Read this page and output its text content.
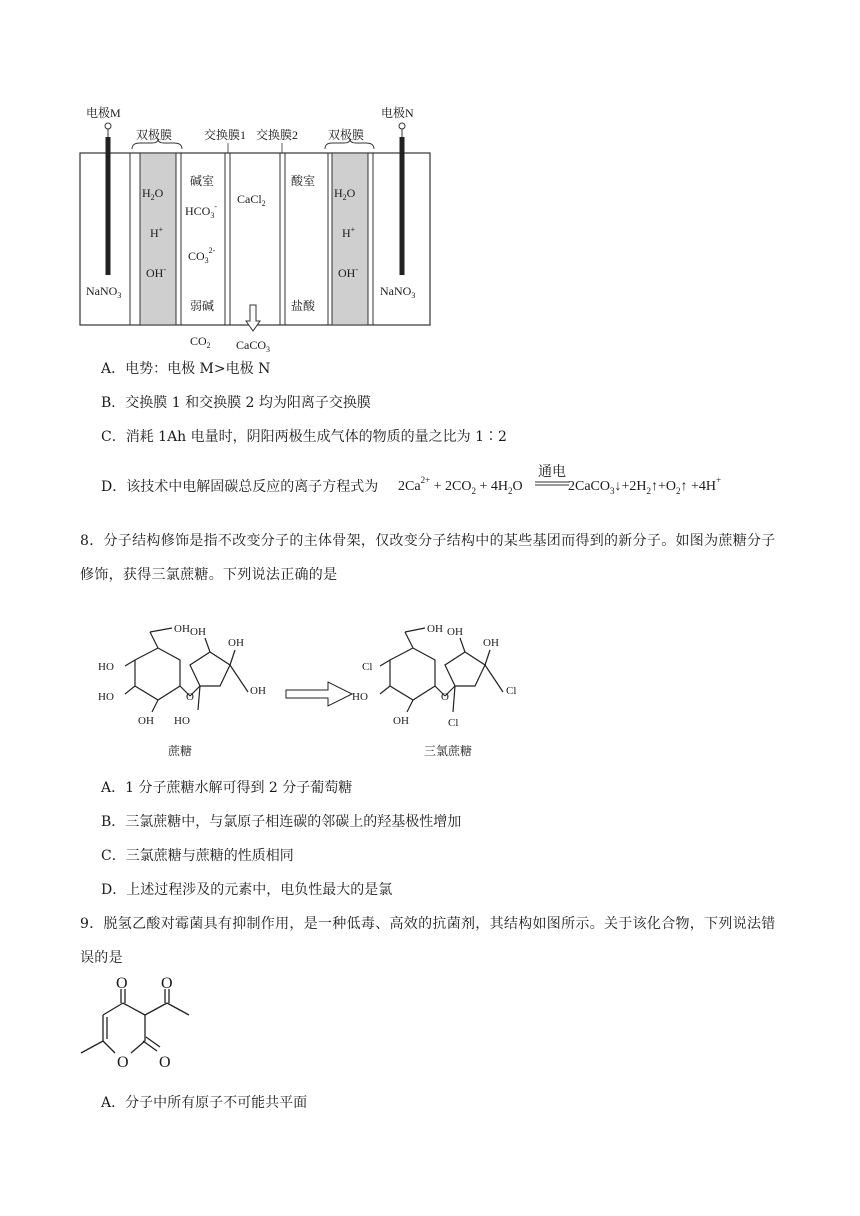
电极M	电极N
双极膜	双极膜
交换膜1 交换膜2
$H_2O$
H+
OH-
$H_2O$
H+
OH-
碱室
$HCO_3^-$
$CO_3^{2-}$
弱碱
$CO_2$
CaCl$_2$
CaCO$_3$
酸室
盐酸
NaNO$_3$	NaNO$_3$
A．电势：电极 M>电极 N
B．交换膜 1 和交换膜 2 均为阳离子交换膜
C．消耗 1Ah 电量时，阴阳两极生成气体的物质的量之比为 1∶2
D．该技术中电解固碳总反应的离子方程式为 $2Ca^{2+} + 2CO_2 + 4H_2O$
通电
$2CaCO_3↓+2H_2↑+O_2↑ +4H^+$
8．分子结构修饰是指不改变分子的主体骨架，仅改变分子结构中的某些基团而得到的新分子。如图为蔗糖分子修饰，获得三氯蔗糖。下列说法正确的是
OH
HO
HO
OH
O
OH
OH
OH
HO
蔗糖
OH
Cl
HO
OH
O
OH
OH
Cl
Cl
三氯蔗糖
A．1 分子蔗糖水解可得到 2 分子葡萄糖
B．三氯蔗糖中，与氯原子相连碳的邻碳上的羟基极性增加
C．三氯蔗糖与蔗糖的性质相同
D．上述过程涉及的元素中，电负性最大的是氯
9．脱氢乙酸对霉菌具有抑制作用，是一种低毒、高效的抗菌剂，其结构如图所示。关于该化合物，下列说法错误的是
O O
O O
A．分子中所有原子不可能共平面
